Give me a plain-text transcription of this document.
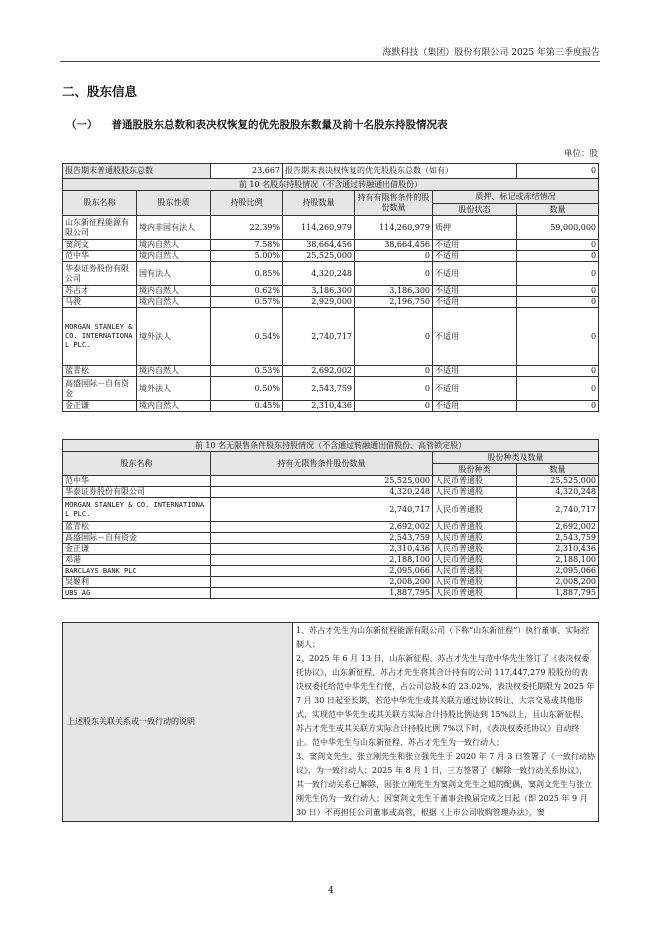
海默科技（集团）股份有限公司 2025 年第三季度报告
二、股东信息
（一） 普通股股东总数和表决权恢复的优先股股东数量及前十名股东持股情况表
单位：股
报告期末普通股股东总数		23,667	报告期末表决权恢复的优先股股东总数（如有）			0
前 10 名股东持股情况（不含通过转融通出借股份）						
股东名称	股东性质	持股比例	持股数量	持有有限售条件的股份数量	质押、标记或冻结情况	
					股份状态	数量
山东新征程能源有限公司	境内非国有法人	22.39%	114,260,979	114,260,979	质押	59,000,000
窦剑文	境内自然人	7.58%	38,664,456	38,664,456	不适用	0
范中华	境内自然人	5.00%	25,525,000	0	不适用	0
华泰证券股份有限公司	国有法人	0.85%	4,320,248	0	不适用	0
苏占才	境内自然人	0.62%	3,186,300	3,186,300	不适用	0
马骏	境内自然人	0.57%	2,929,000	2,196,750	不适用	0
MORGAN STANLEY & CO. INTERNATIONAL PLC.	境外法人	0.54%	2,740,717	0	不适用	0
蓝青松	境内自然人	0.53%	2,692,002	0	不适用	0
高盛国际－自有资金	境外法人	0.50%	2,543,759	0	不适用	0
金正谦	境内自然人	0.45%	2,310,436	0	不适用	0
前 10 名无限售条件股东持股情况（不含通过转融通出借股份、高管锁定股）			
股东名称	持有无限售条件股份数量	股份种类及数量	
		股份种类	数量
范中华	25,525,000	人民币普通股	25,525,000
华泰证券股份有限公司	4,320,248	人民币普通股	4,320,248
MORGAN STANLEY & CO. INTERNATIONAL PLC.	2,740,717	人民币普通股	2,740,717
蓝青松	2,692,002	人民币普通股	2,692,002
高盛国际－自有资金	2,543,759	人民币普通股	2,543,759
金正谦	2,310,436	人民币普通股	2,310,436
邓港	2,188,100	人民币普通股	2,188,100
BARCLAYS BANK PLC	2,095,066	人民币普通股	2,095,066
吴姬利	2,008,200	人民币普通股	2,008,200
UBS AG	1,887,795	人民币普通股	1,887,795
上述股东关联关系或一致行动的说明	
1、苏占才先生为山东新征程能源有限公司（下称“山东新征程”）执行董事、实际控制人；
2、2025 年 6 月 13 日，山东新征程、苏占才先生与范中华先生签订了《表决权委托协议》，山东新征程、苏占才先生将其合计持有的公司 117,447,279 股股份的表决权委托给范中华先生行使，占公司总股本的 23.02%，表决权委托期限为 2025 年 7 月 30 日起至长期，若范中华先生或其关联方通过协议转让、大宗交易或其他形式，实现范中华先生或其关联方实际合计持股比例达到 15%以上，且山东新征程、苏占才先生或其关联方实际合计持股比例 7%以下时，《表决权委托协议》自动终止。范中华先生与山东新征程、苏占才先生为一致行动人；
3、窦剑文先生、张立刚先生和张立强先生于 2020 年 7 月 3 日签署了《一致行动协议》，为一致行动人；2025 年 8 月 1 日，三方签署了《解除一致行动关系协议》，其一致行动关系已解除，因张立刚先生为窦剑文先生之姐的配偶，窦剑文先生与张立刚先生仍为一致行动人；因窦剑文先生于董事会换届完成之日起（即 2025 年 9 月 30 日）不再担任公司董事或高管，根据《上市公司收购管理办法》，窦
4
